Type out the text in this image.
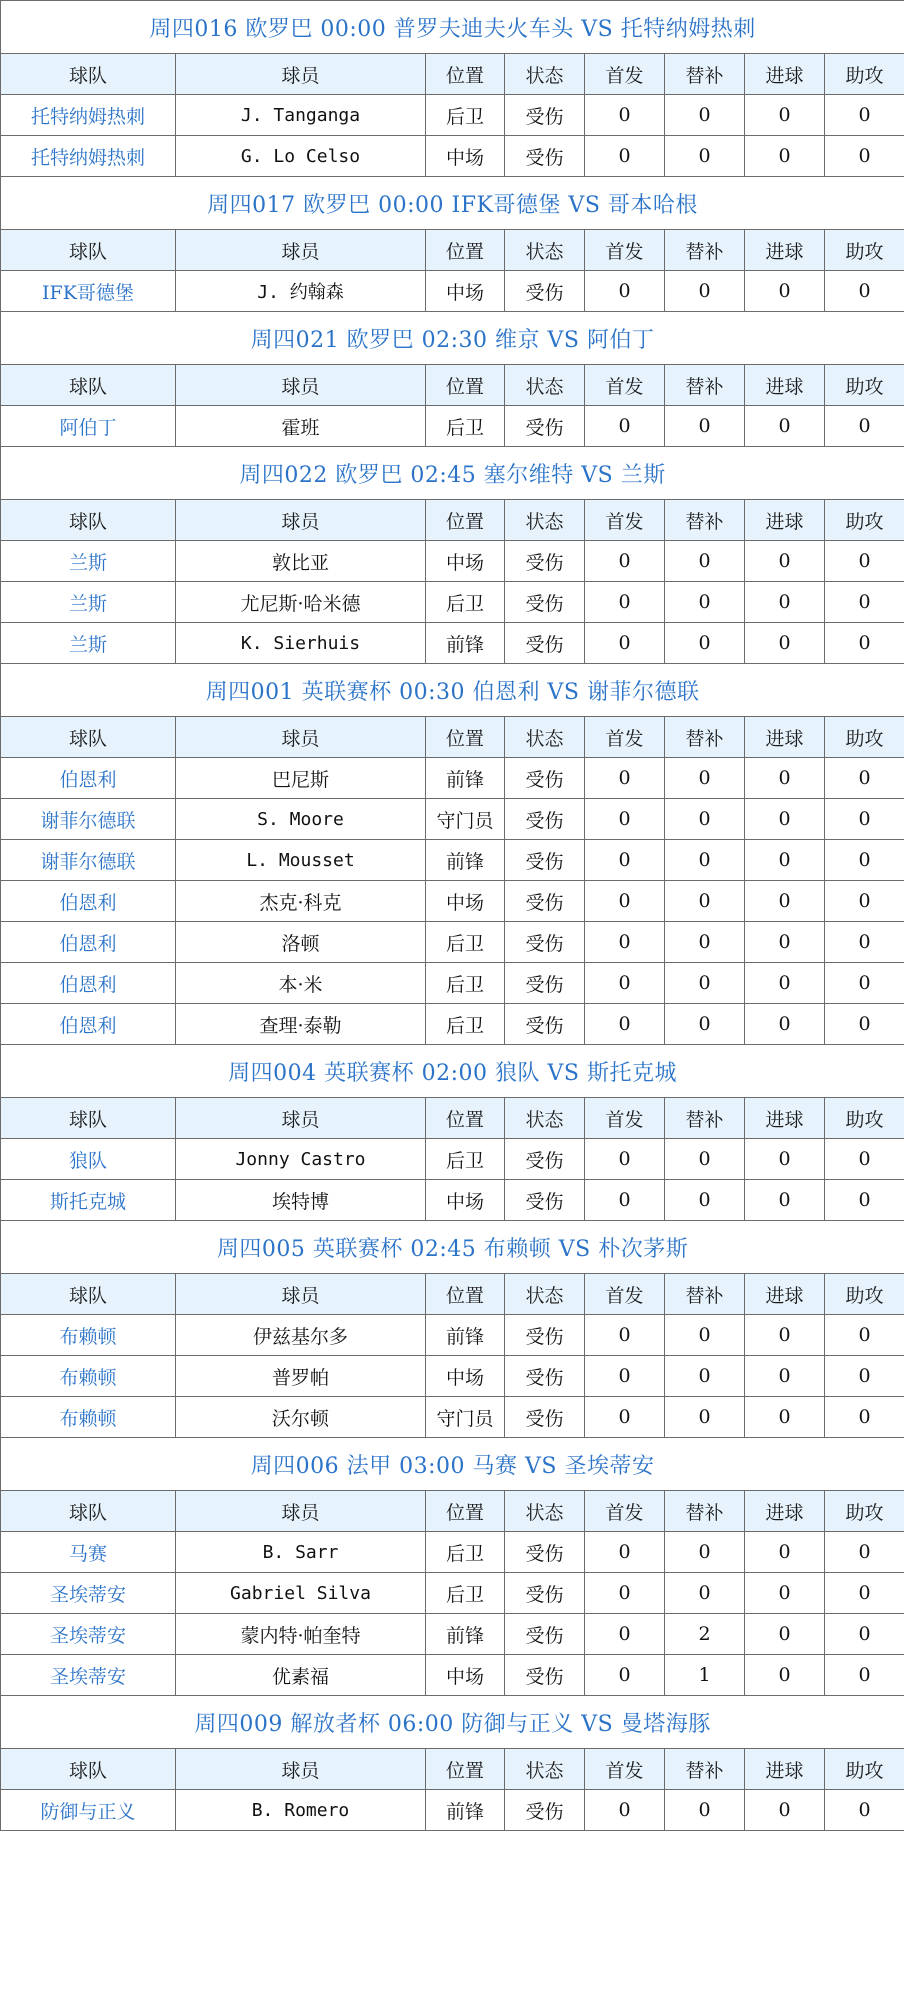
周四016 欧罗巴 00:00 普罗夫迪夫火车头 VS 托特纳姆热刺							
球队	球员	位置	状态	首发	替补	进球	助攻
托特纳姆热刺	J. Tanganga	后卫	受伤	0	0	0	0
托特纳姆热刺	G. Lo Celso	中场	受伤	0	0	0	0
周四017 欧罗巴 00:00 IFK哥德堡 VS 哥本哈根							
球队	球员	位置	状态	首发	替补	进球	助攻
IFK哥德堡	J. 约翰森	中场	受伤	0	0	0	0
周四021 欧罗巴 02:30 维京 VS 阿伯丁							
球队	球员	位置	状态	首发	替补	进球	助攻
阿伯丁	霍班	后卫	受伤	0	0	0	0
周四022 欧罗巴 02:45 塞尔维特 VS 兰斯							
球队	球员	位置	状态	首发	替补	进球	助攻
兰斯	敦比亚	中场	受伤	0	0	0	0
兰斯	尤尼斯·哈米德	后卫	受伤	0	0	0	0
兰斯	K. Sierhuis	前锋	受伤	0	0	0	0
周四001 英联赛杯 00:30 伯恩利 VS 谢菲尔德联							
球队	球员	位置	状态	首发	替补	进球	助攻
伯恩利	巴尼斯	前锋	受伤	0	0	0	0
谢菲尔德联	S. Moore	守门员	受伤	0	0	0	0
谢菲尔德联	L. Mousset	前锋	受伤	0	0	0	0
伯恩利	杰克·科克	中场	受伤	0	0	0	0
伯恩利	洛顿	后卫	受伤	0	0	0	0
伯恩利	本·米	后卫	受伤	0	0	0	0
伯恩利	查理·泰勒	后卫	受伤	0	0	0	0
周四004 英联赛杯 02:00 狼队 VS 斯托克城							
球队	球员	位置	状态	首发	替补	进球	助攻
狼队	Jonny Castro	后卫	受伤	0	0	0	0
斯托克城	埃特博	中场	受伤	0	0	0	0
周四005 英联赛杯 02:45 布赖顿 VS 朴次茅斯							
球队	球员	位置	状态	首发	替补	进球	助攻
布赖顿	伊兹基尔多	前锋	受伤	0	0	0	0
布赖顿	普罗帕	中场	受伤	0	0	0	0
布赖顿	沃尔顿	守门员	受伤	0	0	0	0
周四006 法甲 03:00 马赛 VS 圣埃蒂安							
球队	球员	位置	状态	首发	替补	进球	助攻
马赛	B. Sarr	后卫	受伤	0	0	0	0
圣埃蒂安	Gabriel Silva	后卫	受伤	0	0	0	0
圣埃蒂安	蒙内特·帕奎特	前锋	受伤	0	2	0	0
圣埃蒂安	优素福	中场	受伤	0	1	0	0
周四009 解放者杯 06:00 防御与正义 VS 曼塔海豚							
球队	球员	位置	状态	首发	替补	进球	助攻
防御与正义	B. Romero	前锋	受伤	0	0	0	0
